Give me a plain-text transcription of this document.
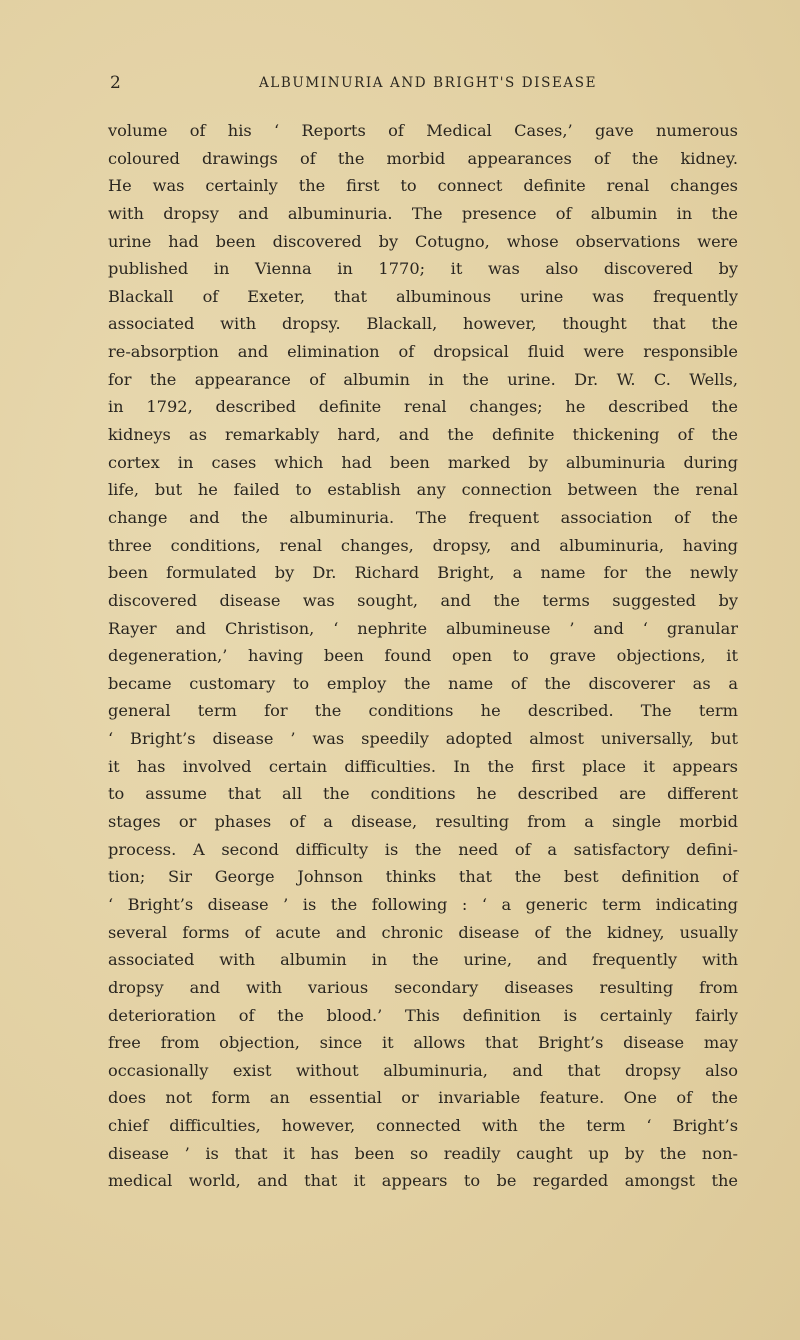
2	ALBUMINURIA AND BRIGHT'S DISEASE
volume of his ‘ Reports of Medical Cases,’ gave numerous
coloured drawings of the morbid appearances of the kidney.
He was certainly the first to connect definite renal changes
with dropsy and albuminuria. The presence of albumin in the
urine had been discovered by Cotugno, whose observations were
published in Vienna in 1770; it was also discovered by
Blackall of Exeter, that albuminous urine was frequently
associated with dropsy. Blackall, however, thought that the
re-absorption and elimination of dropsical fluid were responsible
for the appearance of albumin in the urine. Dr. W. C. Wells,
in 1792, described definite renal changes; he described the
kidneys as remarkably hard, and the definite thickening of the
cortex in cases which had been marked by albuminuria during
life, but he failed to establish any connection between the renal
change and the albuminuria. The frequent association of the
three conditions, renal changes, dropsy, and albuminuria, having
been formulated by Dr. Richard Bright, a name for the newly
discovered disease was sought, and the terms suggested by
Rayer and Christison, ‘ nephrite albumineuse ’ and ‘ granular
degeneration,’ having been found open to grave objections, it
became customary to employ the name of the discoverer as a
general term for the conditions he described. The term
‘ Bright’s disease ’ was speedily adopted almost universally, but
it has involved certain difficulties. In the first place it appears
to assume that all the conditions he described are different
stages or phases of a disease, resulting from a single morbid
process. A second difficulty is the need of a satisfactory defini-
tion; Sir George Johnson thinks that the best definition of
‘ Bright’s disease ’ is the following : ‘ a generic term indicating
several forms of acute and chronic disease of the kidney, usually
associated with albumin in the urine, and frequently with
dropsy and with various secondary diseases resulting from
deterioration of the blood.’ This definition is certainly fairly
free from objection, since it allows that Bright’s disease may
occasionally exist without albuminuria, and that dropsy also
does not form an essential or invariable feature. One of the
chief difficulties, however, connected with the term ‘ Bright’s
disease ’ is that it has been so readily caught up by the non-
medical world, and that it appears to be regarded amongst the
